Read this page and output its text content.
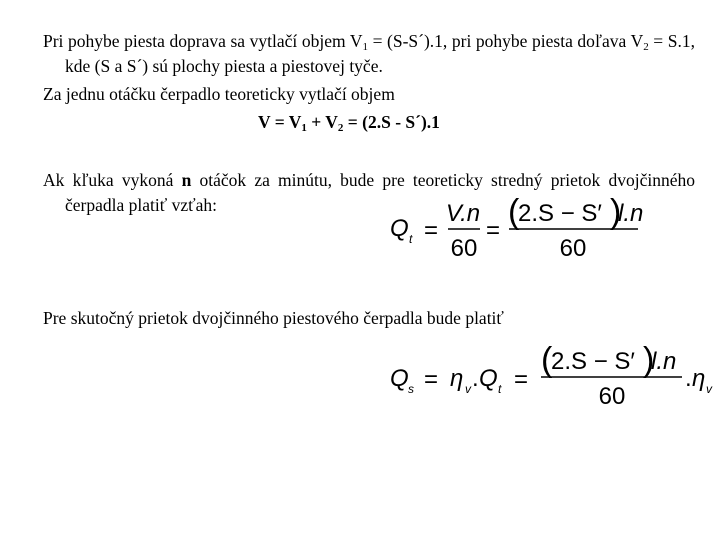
Pri pohybe piesta doprava sa vytlačí objem $V_1$ = (S-S´).1, pri pohybe piesta doľava $V_2 = S.1$, kde (S a S´) sú plochy piesta a piestovej tyče.
Za jednu otáčku čerpadlo teoreticky vytlačí objem
$V = V_1 + V_2 = (2.S$ - S´).1
Ak kľuka vykoná n otáčok za minútu, bude pre teoreticky stredný prietok dvojčinného čerpadla platiť vzťah:
Pre skutočný prietok dvojčinného piestového čerpadla bude platiť
Q t =
V.n
60
= (
2.S − S′ )
l.n
60
Q s = η v . Q t =
(
2.S − S′ )
l.n
60
. η v
